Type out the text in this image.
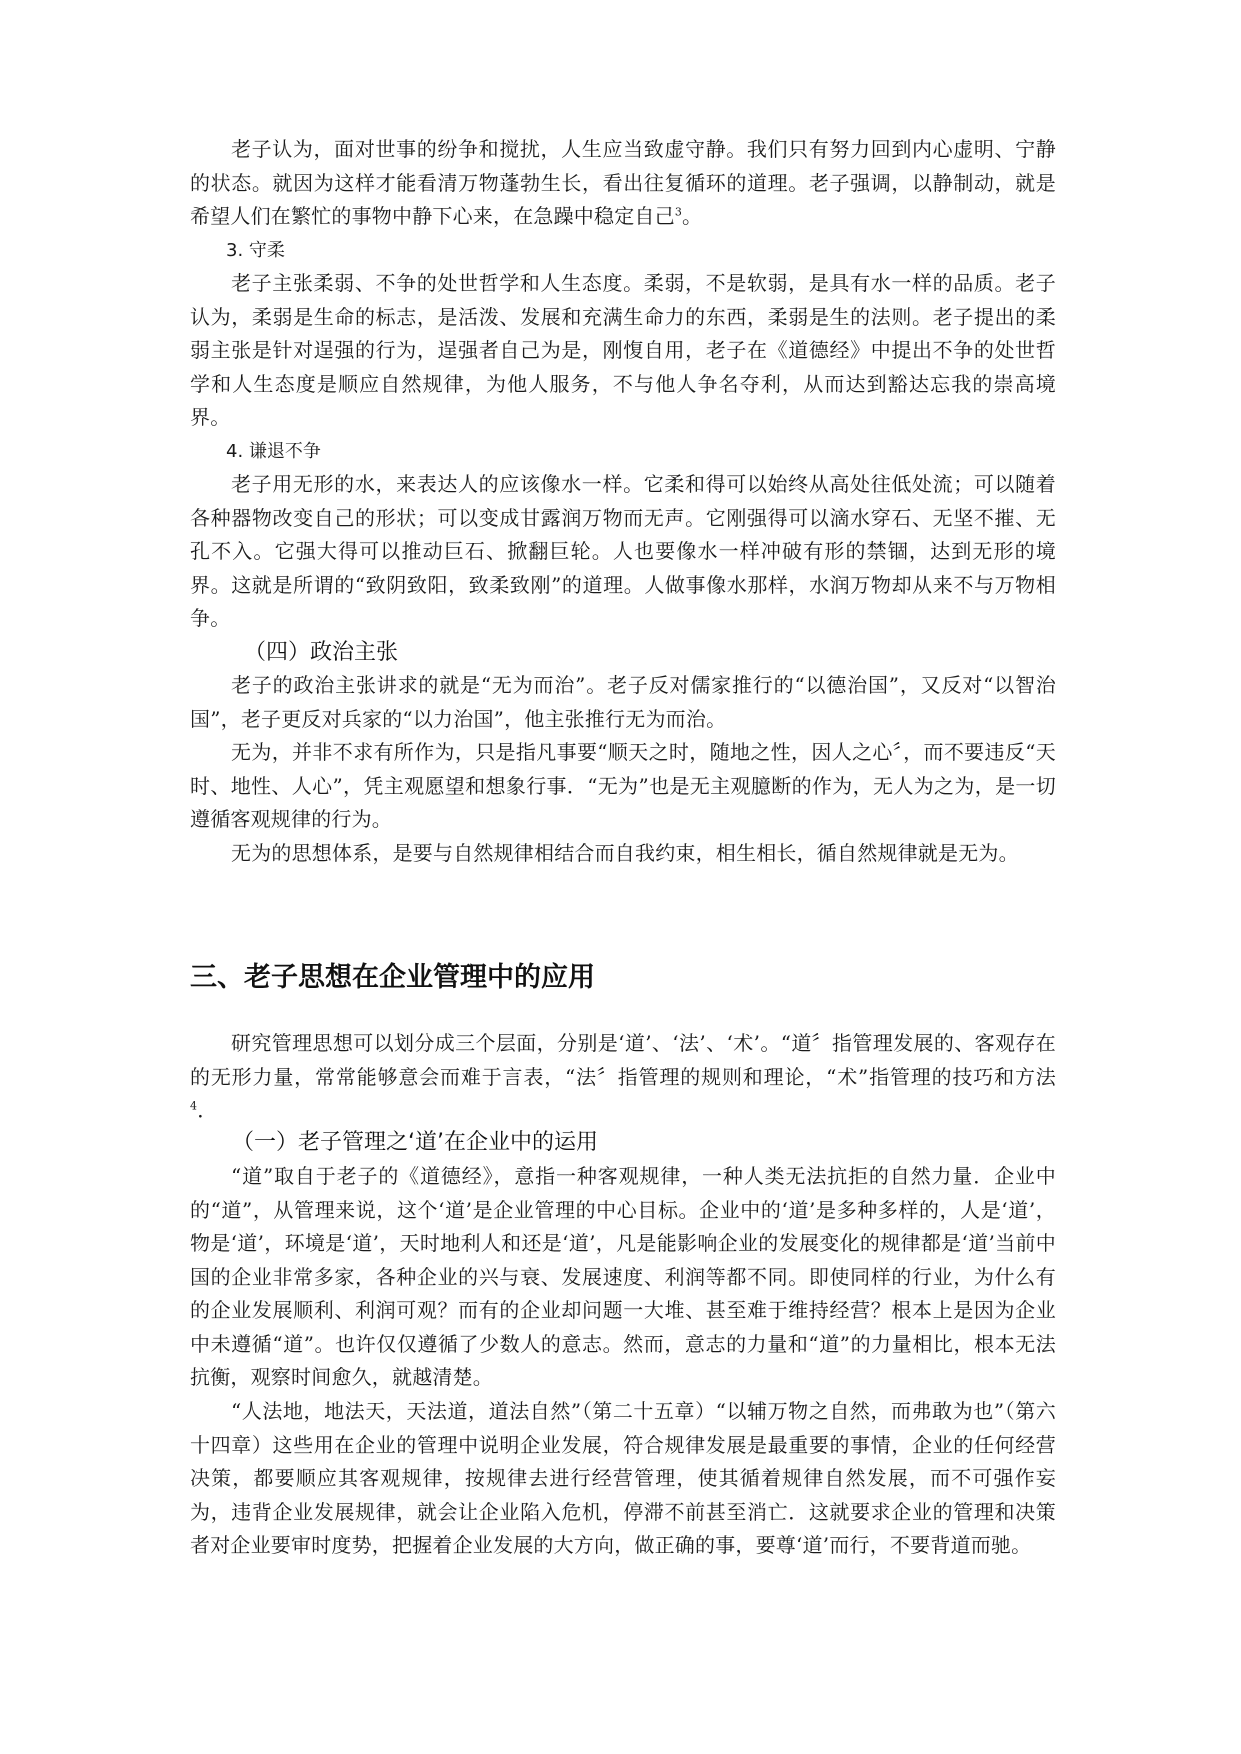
老子认为，面对世事的纷争和搅扰，人生应当致虚守静。我们只有努力回到内心虚明、宁静的状态。就因为这样才能看清万物蓬勃生长，看出往复循环的道理。老子强调，以静制动，就是希望人们在繁忙的事物中静下心来，在急躁中稳定自己$^3$。

3. 守柔

老子主张柔弱、不争的处世哲学和人生态度。柔弱，不是软弱，是具有水一样的品质。老子认为，柔弱是生命的标志，是活泼、发展和充满生命力的东西，柔弱是生的法则。老子提出的柔弱主张是针对逞强的行为，逞强者自己为是，刚愎自用，老子在《道德经》中提出不争的处世哲学和人生态度是顺应自然规律，为他人服务，不与他人争名夺利，从而达到豁达忘我的崇高境界。

4. 谦退不争

老子用无形的水，来表达人的应该像水一样。它柔和得可以始终从高处往低处流；可以随着各种器物改变自己的形状；可以变成甘露润万物而无声。它刚强得可以滴水穿石、无坚不摧、无孔不入。它强大得可以推动巨石、掀翻巨轮。人也要像水一样冲破有形的禁锢，达到无形的境界。这就是所谓的“致阴致阳，致柔致刚”的道理。人做事像水那样，水润万物却从来不与万物相争。

（四）政治主张

老子的政治主张讲求的就是“无为而治”。老子反对儒家推行的“以德治国”，又反对“以智治国”，老子更反对兵家的“以力治国”，他主张推行无为而治。

无为，并非不求有所作为，只是指凡事要“顺天之时，随地之性，因人之心〞，而不要违反“天时、地性、人心”，凭主观愿望和想象行事．“无为”也是无主观臆断的作为，无人为之为，是一切遵循客观规律的行为。

无为的思想体系，是要与自然规律相结合而自我约束，相生相长，循自然规律就是无为。

三、老子思想在企业管理中的应用

研究管理思想可以划分成三个层面，分别是‘道’、‘法’、‘术’。“道〞指管理发展的、客观存在的无形力量，常常能够意会而难于言表，“法〞指管理的规则和理论，“术”指管理的技巧和方法$^4$．

（一）老子管理之‘道’在企业中的运用

“道”取自于老子的《道德经》，意指一种客观规律，一种人类无法抗拒的自然力量．企业中的“道”，从管理来说，这个‘道’是企业管理的中心目标。企业中的‘道’是多种多样的，人是‘道’，物是‘道’，环境是‘道’，天时地利人和还是‘道’，凡是能影响企业的发展变化的规律都是‘道’当前中国的企业非常多家，各种企业的兴与衰、发展速度、利润等都不同。即使同样的行业，为什么有的企业发展顺利、利润可观？而有的企业却问题一大堆、甚至难于维持经营？根本上是因为企业中未遵循“道”。也许仅仅遵循了少数人的意志。然而，意志的力量和“道”的力量相比，根本无法抗衡，观察时间愈久，就越清楚。

“人法地，地法天，天法道，道法自然”（第二十五章）“以辅万物之自然，而弗敢为也”（第六十四章）这些用在企业的管理中说明企业发展，符合规律发展是最重要的事情，企业的任何经营决策，都要顺应其客观规律，按规律去进行经营管理，使其循着规律自然发展，而不可强作妄为，违背企业发展规律，就会让企业陷入危机，停滞不前甚至消亡．这就要求企业的管理和决策者对企业要审时度势，把握着企业发展的大方向，做正确的事，要尊‘道’而行，不要背道而驰。
